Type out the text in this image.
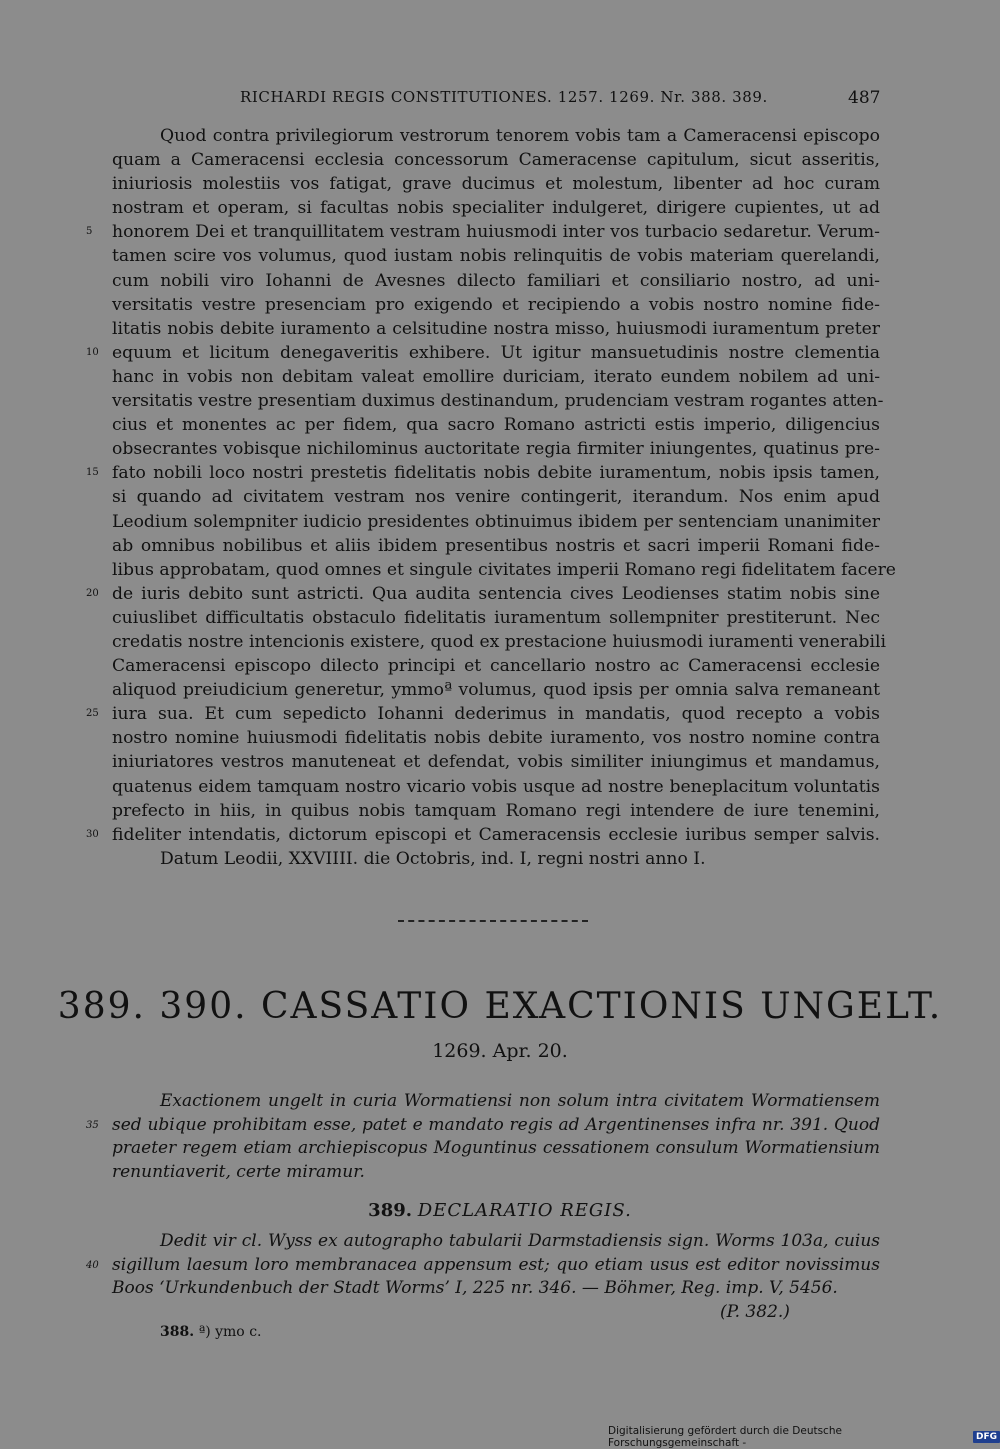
RICHARDI REGIS CONSTITUTIONES. 1257. 1269. Nr. 388. 389.	487
Quod contra privilegiorum vestrorum tenorem vobis tam a Cameracensi episcopo
quam a Cameracensi ecclesia concessorum Cameracense capitulum, sicut asseritis,
iniuriosis molestiis vos fatigat, grave ducimus et molestum, libenter ad hoc curam
nostram et operam, si facultas nobis specialiter indulgeret, dirigere cupientes, ut ad
5	honorem Dei et tranquillitatem vestram huiusmodi inter vos turbacio sedaretur. Verum-
tamen scire vos volumus, quod iustam nobis relinquitis de vobis materiam querelandi,
cum nobili viro Iohanni de Avesnes dilecto familiari et consiliario nostro, ad uni-
versitatis vestre presenciam pro exigendo et recipiendo a vobis nostro nomine fide-
litatis nobis debite iuramento a celsitudine nostra misso, huiusmodi iuramentum preter
10 equum et licitum denegaveritis exhibere. Ut igitur mansuetudinis nostre clementia
hanc in vobis non debitam valeat emollire duriciam, iterato eundem nobilem ad uni-
versitatis vestre presentiam duximus destinandum, prudenciam vestram rogantes atten-
cius et monentes ac per fidem, qua sacro Romano astricti estis imperio, diligencius
obsecrantes vobisque nichilominus auctoritate regia firmiter iniungentes, quatinus pre-
15 fato nobili loco nostri prestetis fidelitatis nobis debite iuramentum, nobis ipsis tamen,
si quando ad civitatem vestram nos venire contingerit, iterandum. Nos enim apud
Leodium solempniter iudicio presidentes obtinuimus ibidem per sentenciam unanimiter
ab omnibus nobilibus et aliis ibidem presentibus nostris et sacri imperii Romani fide-
libus approbatam, quod omnes et singule civitates imperii Romano regi fidelitatem facere
20 de iuris debito sunt astricti. Qua audita sentencia cives Leodienses statim nobis sine
cuiuslibet difficultatis obstaculo fidelitatis iuramentum sollempniter prestiterunt. Nec
credatis nostre intencionis existere, quod ex prestacione huiusmodi iuramenti venerabili
Cameracensi episcopo dilecto principi et cancellario nostro ac Cameracensi ecclesie
aliquod preiudicium generetur, ymmoª volumus, quod ipsis per omnia salva remaneant
25 iura sua. Et cum sepedicto Iohanni dederimus in mandatis, quod recepto a vobis
nostro nomine huiusmodi fidelitatis nobis debite iuramento, vos nostro nomine contra
iniuriatores vestros manuteneat et defendat, vobis similiter iniungimus et mandamus,
quatenus eidem tamquam nostro vicario vobis usque ad nostre beneplacitum voluntatis
prefecto in hiis, in quibus nobis tamquam Romano regi intendere de iure tenemini,
30 fideliter intendatis, dictorum episcopi et Cameracensis ecclesie iuribus semper salvis.
Datum Leodii, XXVIIII. die Octobris, ind. I, regni nostri anno I.
389. 390. CASSATIO EXACTIONIS UNGELT.
1269. Apr. 20.
Exactionem ungelt in curia Wormatiensi non solum intra civitatem Wormatiensem
35 sed ubique prohibitam esse, patet e mandato regis ad Argentinenses infra nr. 391. Quod
praeter regem etiam archiepiscopus Moguntinus cessationem consulum Wormatiensium
renuntiaverit, certe miramur.
389. DECLARATIO REGIS.
Dedit vir cl. Wyss ex autographo tabularii Darmstadiensis sign. Worms 103a, cuius
40 sigillum laesum loro membranacea appensum est; quo etiam usus est editor novissimus
Boos ‘Urkundenbuch der Stadt Worms’ I, 225 nr. 346. — Böhmer, Reg. imp. V, 5456.
(P. 382.)
388. ª) ymo c.
Digitalisierung gefördert durch die Deutsche Forschungsgemeinschaft -	DFG
